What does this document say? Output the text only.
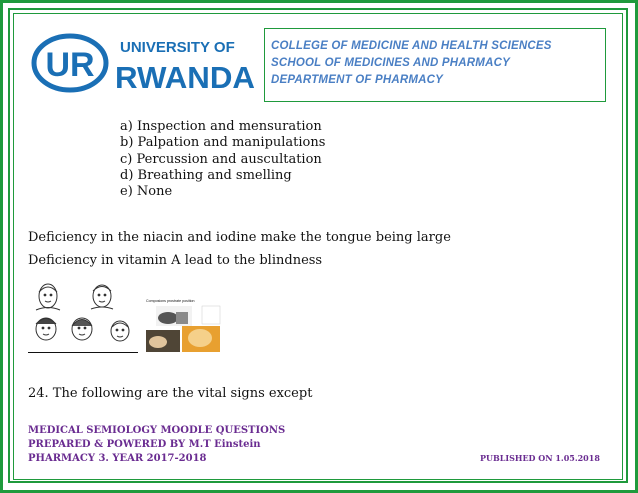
UR UNIVERSITY OF
RWANDA
COLLEGE OF MEDICINE AND HEALTH SCIENCES
SCHOOL OF MEDICINES AND PHARMACY
DEPARTMENT OF PHARMACY
a) Inspection and mensuration
b) Palpation and manipulations
c) Percussion and auscultation
d) Breathing and smelling
e) None
Deficiency in the niacin and iodine make the tongue being large
Deficiency in vitamin A lead to the blindness
Composions prostrate position
24. The following are the vital signs except
MEDICAL SEMIOLOGY MOODLE QUESTIONS
PREPARED & POWERED BY M.T Einstein
PHARMACY 3. YEAR 2017-2018	PUBLISHED ON 1.05.2018
